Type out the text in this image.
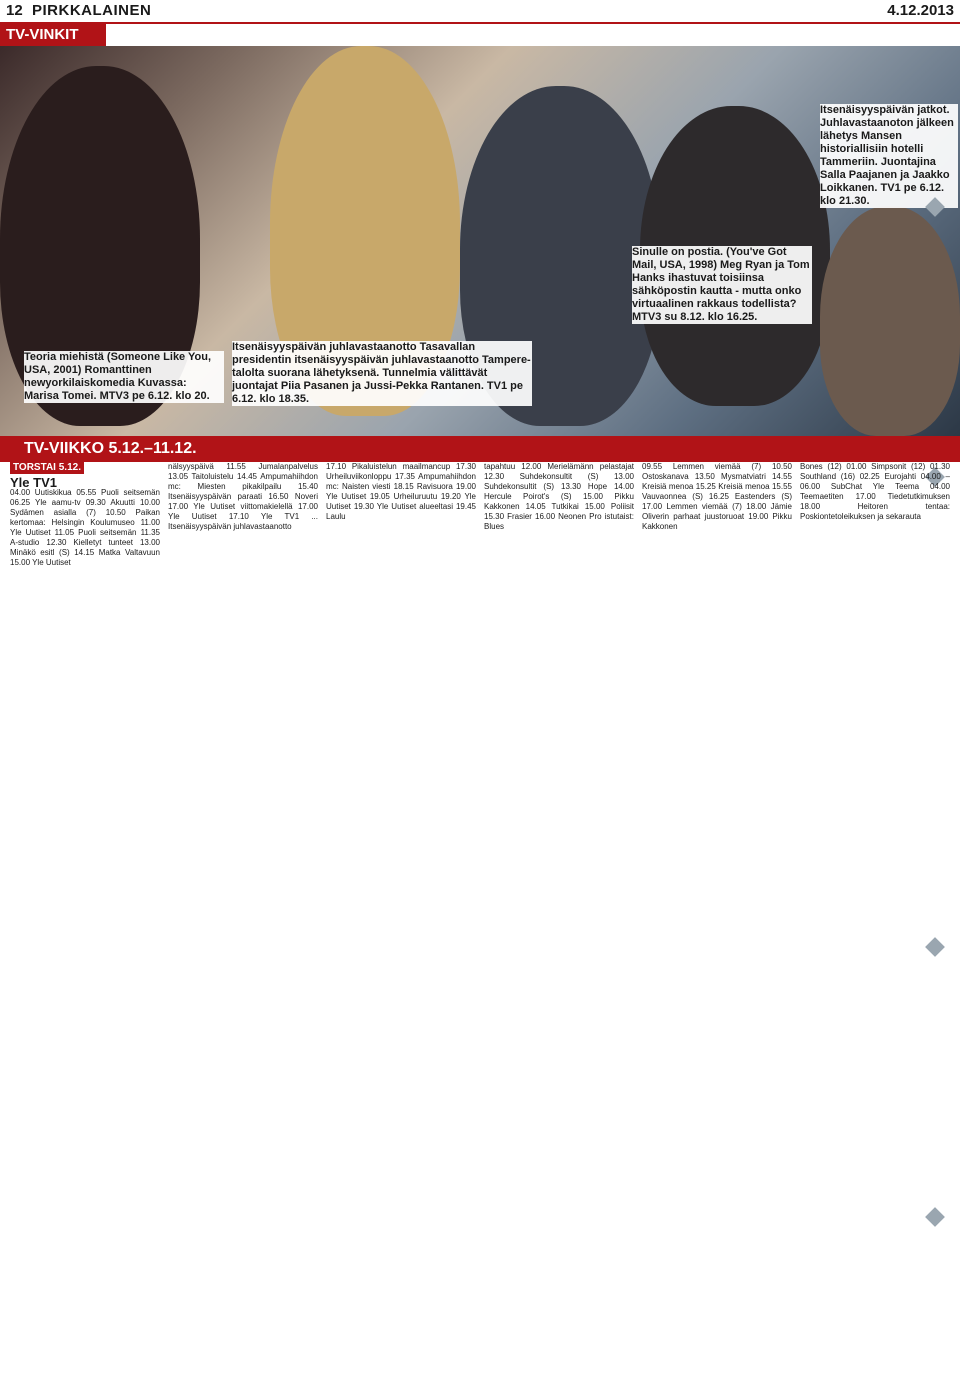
12 PIRKKALAINEN	4.12.2013
TV-VINKIT
Teoria miehistä (Someone Like You, USA, 2001) Romanttinen newyorkilaiskomedia Kuvassa: Marisa Tomei. MTV3 pe 6.12. klo 20.
Itsenäisyyspäivän juhlavastaanotto Tasavallan presidentin itsenäisyyspäivän juhlavastaanotto Tampere-talolta suorana lähetyksenä. Tunnelmia välittävät juontajat Piia Pasanen ja Jussi-Pekka Rantanen. TV1 pe 6.12. klo 18.35.
Sinulle on postia. (You've Got Mail, USA, 1998) Meg Ryan ja Tom Hanks ihastuvat toisiinsa sähköpostin kautta - mutta onko virtuaalinen rakkaus todellista? MTV3 su 8.12. klo 16.25.
Itsenäisyyspäivän jatkot. Juhlavastaanoton jälkeen lähetys Mansen historiallisiin hotelli Tammeriin. Juontajina Salla Paajanen ja Jaakko Loikkanen. TV1 pe 6.12. klo 21.30.
TV-VIIKKO 5.12.–11.12.
TORSTAI 5.12.
Yle TV1

04.00 Uutiskikua 05.55 Puoli seitsemän 06.25 Yle aamu-tv 09.30 Akuutti 10.00 Sydämen asialla (7) 10.50 Paikan kertomaa: Helsingin Koulumuseo 11.00 Yle Uutiset 11.05 Puoli seitsemän 11.35 A-studio 12.30 Kielletyt tunteet 13.00 Minäkö esitl (S) 14.15 Matka Valtavuun 15.00 Yle Uutiset

nälsyyspäivä 11.55 Jumalanpalvelus 13.05 Taitoluistelu 14.45 Ampumahiihdon mc: Miesten pikakilpailu 15.40 Itsenäisyyspäivän paraati 16.50 Noveri 17.00 Yle Uutiset viittomakielellä 17.00 Yle Uutiset 17.10 Yle TV1 ... Itsenäisyyspäivän juhlavastaanotto

17.10 Pikaluistelun maailmancup 17.30 Urheiluviikonloppu 17.35 Ampumahiihdon mc: Naisten viesti 18.15 Ravisuora 19.00 Yle Uutiset 19.05 Urheiluruutu 19.20 Yle Uutiset 19.30 Yle Uutiset alueeltasi 19.45 Laulu

tapahtuu 12.00 Merielämänn pelastajat 12.30 Suhdekonsultit (S) 13.00 Suhdekonsultit (S) 13.30 Hope 14.00 Hercule Poirot's (S) 15.00 Pikku Kakkonen 14.05 Tutkikai 15.00 Poliisit 15.30 Frasier 16.00 Neonen Pro istutaist: Blues

09.55 Lemmen viemää (7) 10.50 Ostoskanava 13.50 Mysmatviatri 14.55 Kreisiä menoa 15.25 Kreisiä menoa 15.55 Vauvaonnea (S) 16.25 Eastenders (S) 17.00 Lemmen viemää (7) 18.00 Jämie Oliverin parhaat juustoruoat 19.00 Pikku Kakkonen

Bones (12) 01.00 Simpsonit (12) 01.30 Southland (16) 02.25 Eurojahti 04.00 – 06.00 SubChat Yle Teema 04.00 Teemaetiten 17.00 Tiedetutkimuksen 18.00 Heitoren tentaa: Poskiontetoleikuksen ja sekarauta
